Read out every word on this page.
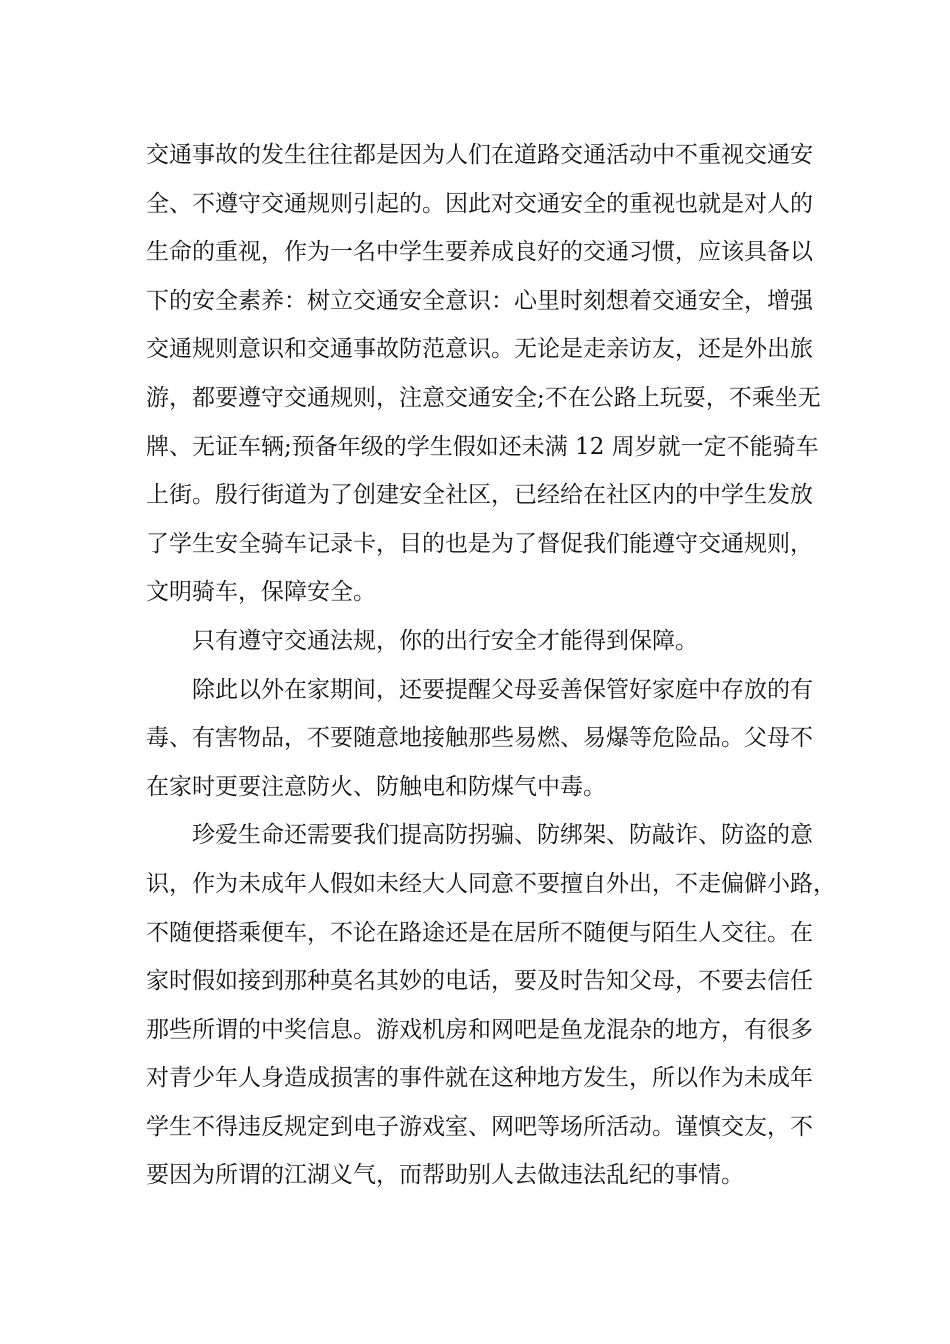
交通事故的发生往往都是因为人们在道路交通活动中不重视交通安
全、不遵守交通规则引起的。因此对交通安全的重视也就是对人的
生命的重视，作为一名中学生要养成良好的交通习惯，应该具备以
下的安全素养：树立交通安全意识：心里时刻想着交通安全，增强
交通规则意识和交通事故防范意识。无论是走亲访友，还是外出旅
游，都要遵守交通规则，注意交通安全;不在公路上玩耍，不乘坐无
牌、无证车辆;预备年级的学生假如还未满 12 周岁就一定不能骑车
上街。殷行街道为了创建安全社区，已经给在社区内的中学生发放
了学生安全骑车记录卡，目的也是为了督促我们能遵守交通规则，
文明骑车，保障安全。
只有遵守交通法规，你的出行安全才能得到保障。
除此以外在家期间，还要提醒父母妥善保管好家庭中存放的有
毒、有害物品，不要随意地接触那些易燃、易爆等危险品。父母不
在家时更要注意防火、防触电和防煤气中毒。
珍爱生命还需要我们提高防拐骗、防绑架、防敲诈、防盗的意
识，作为未成年人假如未经大人同意不要擅自外出，不走偏僻小路，
不随便搭乘便车，不论在路途还是在居所不随便与陌生人交往。在
家时假如接到那种莫名其妙的电话，要及时告知父母，不要去信任
那些所谓的中奖信息。游戏机房和网吧是鱼龙混杂的地方，有很多
对青少年人身造成损害的事件就在这种地方发生，所以作为未成年
学生不得违反规定到电子游戏室、网吧等场所活动。谨慎交友，不
要因为所谓的江湖义气，而帮助别人去做违法乱纪的事情。
